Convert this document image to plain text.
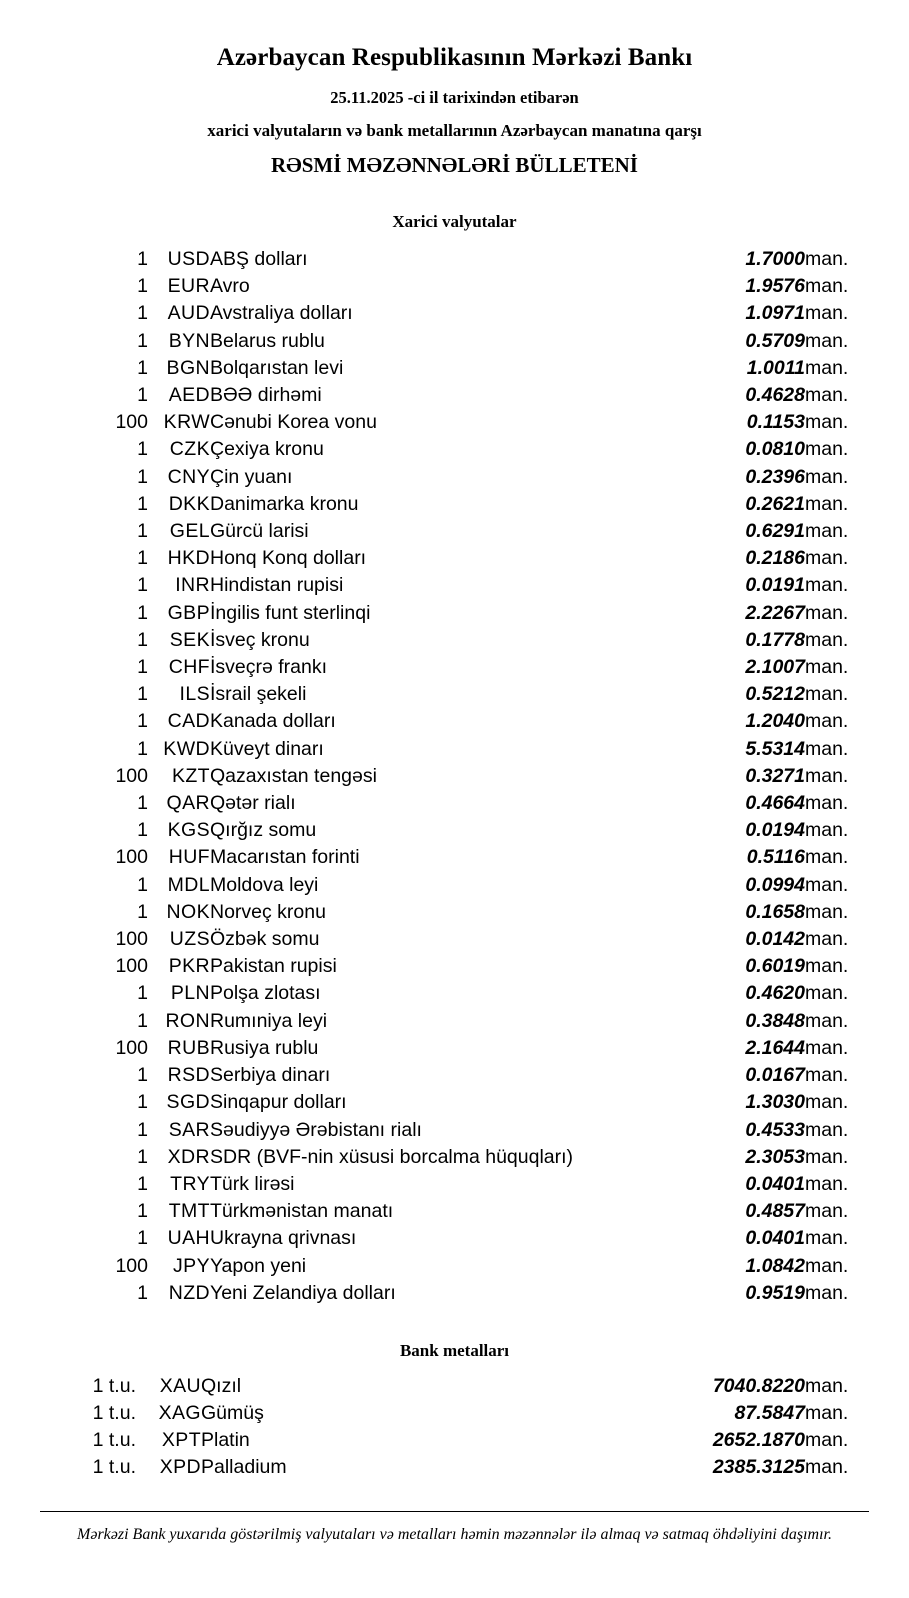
Azərbaycan Respublikasının Mərkəzi Bankı
25.11.2025 -ci il tarixindən etibarən
xarici valyutaların və bank metallarının Azərbaycan manatına qarşı
RƏSMİ MƏZƏNNƏLƏRİ BÜLLETENİ
Xarici valyutalar
1	USD	ABŞ dolları	1.7000	man.
1	EUR	Avro	1.9576	man.
1	AUD	Avstraliya dolları	1.0971	man.
1	BYN	Belarus rublu	0.5709	man.
1	BGN	Bolqarıstan levi	1.0011	man.
1	AED	BƏƏ dirhəmi	0.4628	man.
100	KRW	Cənubi Korea vonu	0.1153	man.
1	CZK	Çexiya kronu	0.0810	man.
1	CNY	Çin yuanı	0.2396	man.
1	DKK	Danimarka kronu	0.2621	man.
1	GEL	Gürcü larisi	0.6291	man.
1	HKD	Honq Konq dolları	0.2186	man.
1	INR	Hindistan rupisi	0.0191	man.
1	GBP	İngilis funt sterlinqi	2.2267	man.
1	SEK	İsveç kronu	0.1778	man.
1	CHF	İsveçrə frankı	2.1007	man.
1	ILS	İsrail şekeli	0.5212	man.
1	CAD	Kanada dolları	1.2040	man.
1	KWD	Küveyt dinarı	5.5314	man.
100	KZT	Qazaxıstan tengəsi	0.3271	man.
1	QAR	Qətər rialı	0.4664	man.
1	KGS	Qırğız somu	0.0194	man.
100	HUF	Macarıstan forinti	0.5116	man.
1	MDL	Moldova leyi	0.0994	man.
1	NOK	Norveç kronu	0.1658	man.
100	UZS	Özbək somu	0.0142	man.
100	PKR	Pakistan rupisi	0.6019	man.
1	PLN	Polşa zlotası	0.4620	man.
1	RON	Rumıniya leyi	0.3848	man.
100	RUB	Rusiya rublu	2.1644	man.
1	RSD	Serbiya dinarı	0.0167	man.
1	SGD	Sinqapur dolları	1.3030	man.
1	SAR	Səudiyyə Ərəbistanı rialı	0.4533	man.
1	XDR	SDR (BVF-nin xüsusi borcalma hüquqları)	2.3053	man.
1	TRY	Türk lirəsi	0.0401	man.
1	TMT	Türkmənistan manatı	0.4857	man.
1	UAH	Ukrayna qrivnası	0.0401	man.
100	JPY	Yapon yeni	1.0842	man.
1	NZD	Yeni Zelandiya dolları	0.9519	man.
Bank metalları
1 t.u.	XAU	Qızıl	7040.8220	man.
1 t.u.	XAG	Gümüş	87.5847	man.
1 t.u.	XPT	Platin	2652.1870	man.
1 t.u.	XPD	Palladium	2385.3125	man.
Mərkəzi Bank yuxarıda göstərilmiş valyutaları və metalları həmin məzənnələr ilə almaq və satmaq öhdəliyini daşımır.
